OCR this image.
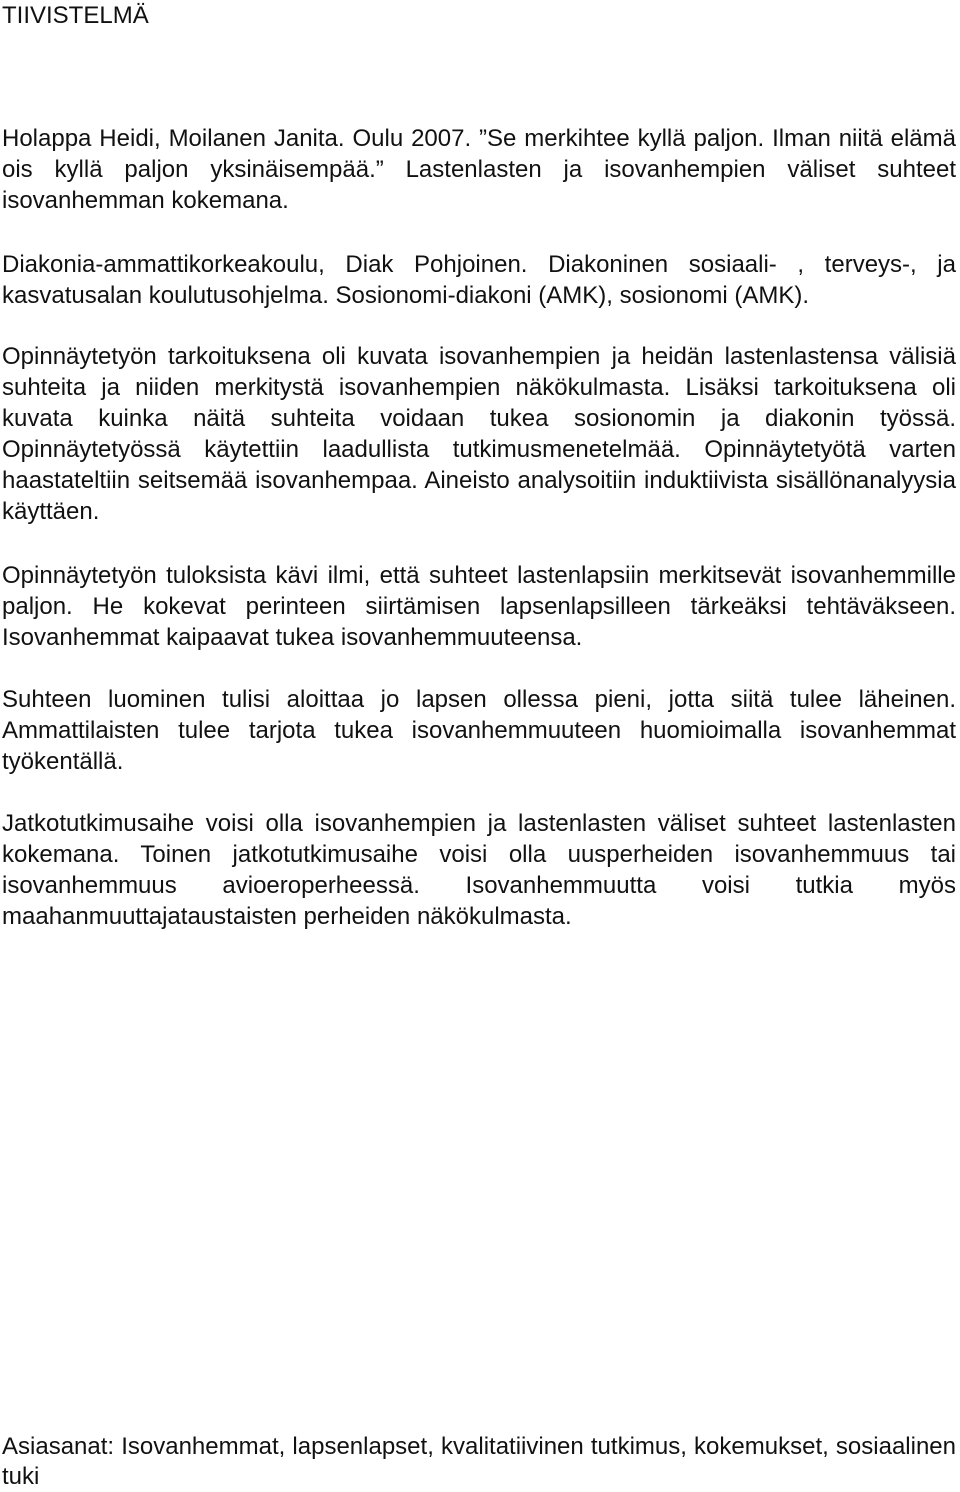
TIIVISTELMÄ

Holappa Heidi, Moilanen Janita. Oulu 2007. ”Se merkihtee kyllä paljon. Ilman niitä elämä ois kyllä paljon yksinäisempää.” Lastenlasten ja isovanhempien väliset suhteet isovanhemman kokemana.

Diakonia-ammattikorkeakoulu, Diak Pohjoinen. Diakoninen sosiaali- , terveys-, ja kasvatusalan koulutusohjelma. Sosionomi-diakoni (AMK), sosionomi (AMK).

Opinnäytetyön tarkoituksena oli kuvata isovanhempien ja heidän lastenlastensa välisiä suhteita ja niiden merkitystä isovanhempien näkökulmasta. Lisäksi tarkoituksena oli kuvata kuinka näitä suhteita voidaan tukea sosionomin ja diakonin työssä. Opinnäytetyössä käytettiin laadullista tutkimusmenetelmää. Opinnäytetyötä varten haastateltiin seitsemää isovanhempaa. Aineisto analysoitiin induktiivista sisällönanalyysia käyttäen.

Opinnäytetyön tuloksista kävi ilmi, että suhteet lastenlapsiin merkitsevät isovanhemmille paljon. He kokevat perinteen siirtämisen lapsenlapsilleen tärkeäksi tehtäväkseen. Isovanhemmat kaipaavat tukea isovanhemmuuteensa.

Suhteen luominen tulisi aloittaa jo lapsen ollessa pieni, jotta siitä tulee läheinen. Ammattilaisten tulee tarjota tukea isovanhemmuuteen huomioimalla isovanhemmat työkentällä.

Jatkotutkimusaihe voisi olla isovanhempien ja lastenlasten väliset suhteet lastenlasten kokemana. Toinen jatkotutkimusaihe voisi olla uusperheiden isovanhemmuus tai isovanhemmuus avioeroperheessä. Isovanhemmuutta voisi tutkia myös maahanmuuttajataustaisten perheiden näkökulmasta.

Asiasanat: Isovanhemmat, lapsenlapset, kvalitatiivinen tutkimus, kokemukset, sosiaalinen tuki
